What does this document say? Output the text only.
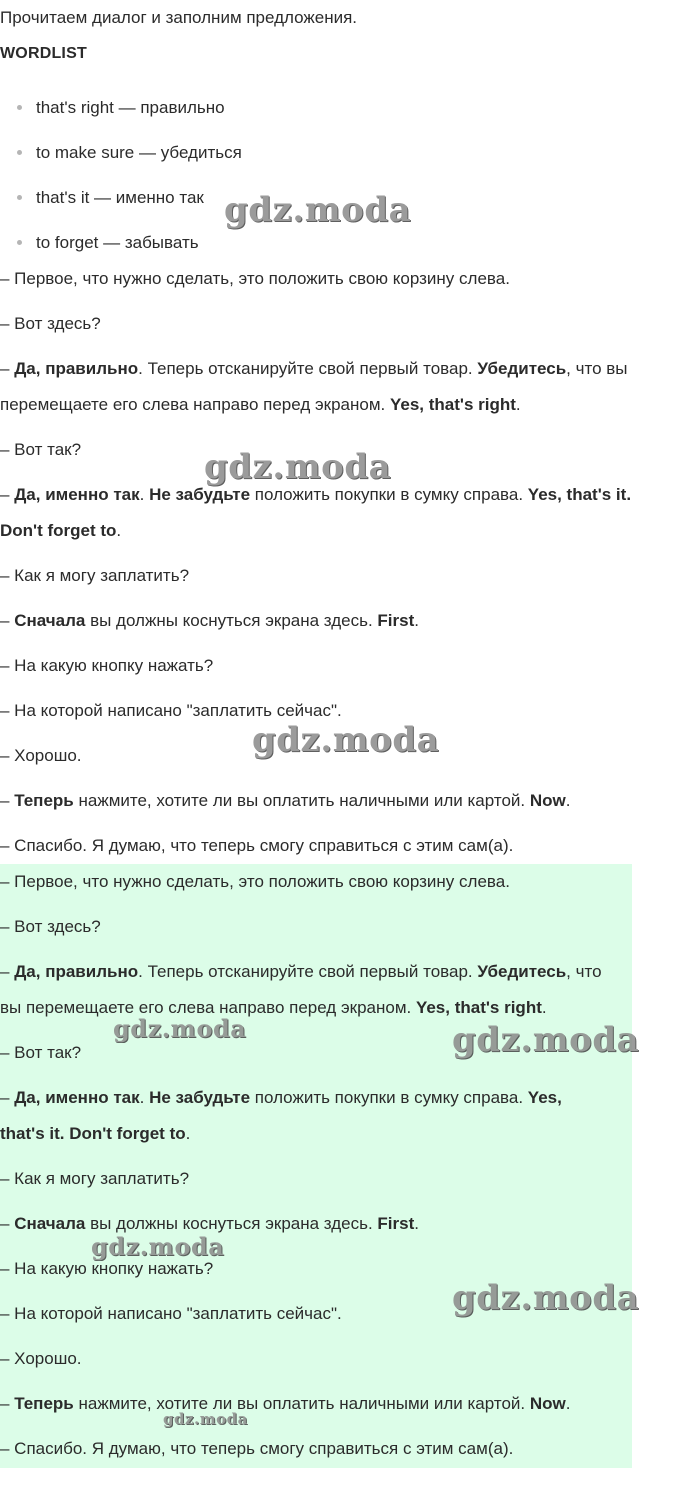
Прочитаем диалог и заполним предложения.
WORDLIST
that's right — правильно
to make sure — убедиться
that's it — именно так
to forget — забывать
– Первое, что нужно сделать, это положить свою корзину слева.
– Вот здесь?
– Да, правильно. Теперь отсканируйте свой первый товар. Убедитесь, что вы
перемещаете его слева направо перед экраном. Yes, that's right.
– Вот так?
– Да, именно так. Не забудьте положить покупки в сумку справа. Yes, that's it.
Don't forget to.
– Как я могу заплатить?
– Сначала вы должны коснуться экрана здесь. First.
– На какую кнопку нажать?
– На которой написано "заплатить сейчас".
– Хорошо.
– Теперь нажмите, хотите ли вы оплатить наличными или картой. Now.
– Спасибо. Я думаю, что теперь смогу справиться с этим сам(а).
– Первое, что нужно сделать, это положить свою корзину слева.
– Вот здесь?
– Да, правильно. Теперь отсканируйте свой первый товар. Убедитесь, что
вы перемещаете его слева направо перед экраном. Yes, that's right.
– Вот так?
– Да, именно так. Не забудьте положить покупки в сумку справа. Yes,
that's it. Don't forget to.
– Как я могу заплатить?
– Сначала вы должны коснуться экрана здесь. First.
– На какую кнопку нажать?
– На которой написано "заплатить сейчас".
– Хорошо.
– Теперь нажмите, хотите ли вы оплатить наличными или картой. Now.
– Спасибо. Я думаю, что теперь смогу справиться с этим сам(а).
gdz.moda
gdz.moda
gdz.moda
gdz.moda	gdz.moda
gdz.moda
gdz.moda
gdz.moda
